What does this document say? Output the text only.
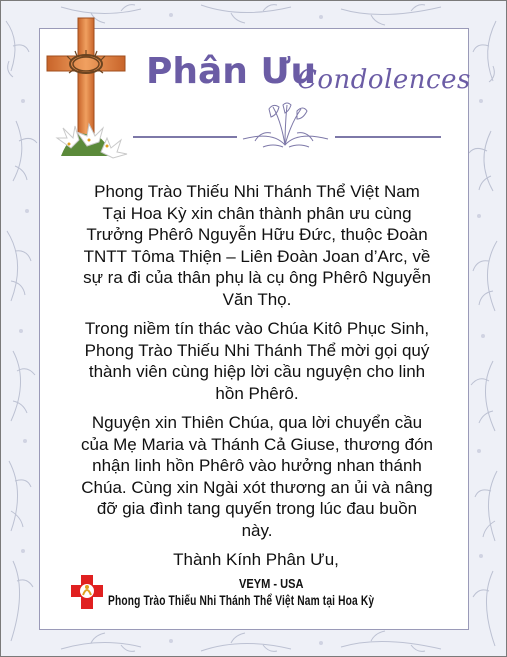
Phân Ưu
Condolences
Phong Trào Thiếu Nhi Thánh Thể Việt Nam Tại Hoa Kỳ xin chân thành phân ưu cùng Trưởng Phêrô Nguyễn Hữu Đức, thuộc Đoàn TNTT Tôma Thiện – Liên Đoàn Joan d’Arc, về sự ra đi của thân phụ là cụ ông Phêrô Nguyễn Văn Thọ.
Trong niềm tín thác vào Chúa Kitô Phục Sinh, Phong Trào Thiếu Nhi Thánh Thể mời gọi quý thành viên cùng hiệp lời cầu nguyện cho linh hồn Phêrô.
Nguyện xin Thiên Chúa, qua lời chuyển cầu của Mẹ Maria và Thánh Cả Giuse, thương đón nhận linh hồn Phêrô vào hưởng nhan thánh Chúa. Cùng xin Ngài xót thương an ủi và nâng đỡ gia đình tang quyến trong lúc đau buồn này.
Thành Kính Phân Ưu,
VEYM - USA
Phong Trào Thiếu Nhi Thánh Thể Việt Nam tại Hoa Kỳ
